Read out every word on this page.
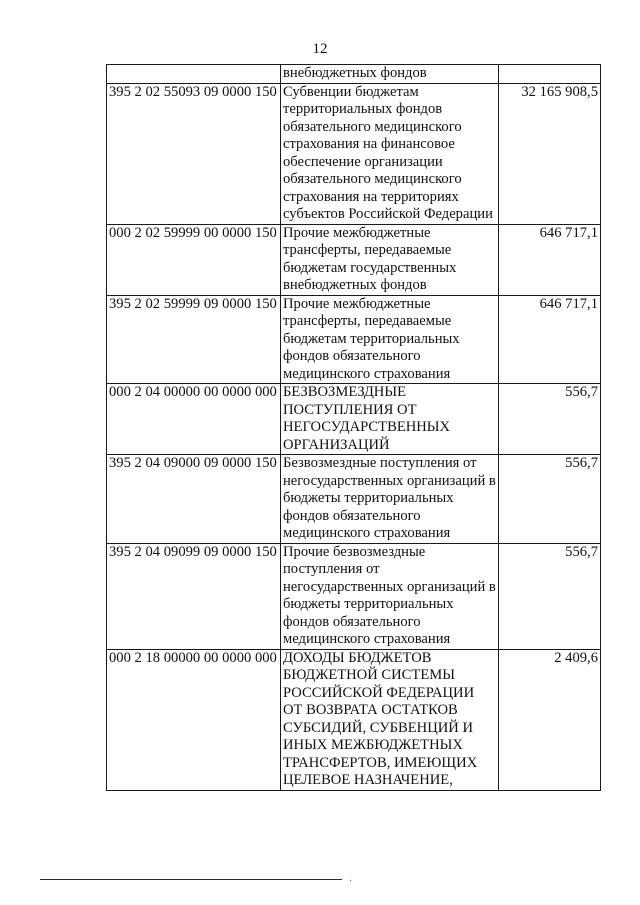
12
	внебюджетных фондов	
395 2 02 55093 09 0000 150	Субвенции бюджетам территориальных фондов обязательного медицинского страхования на финансовое обеспечение организации обязательного медицинского страхования на территориях субъектов Российской Федерации	32 165 908,5
000 2 02 59999 00 0000 150	Прочие межбюджетные трансферты, передаваемые бюджетам государственных внебюджетных фондов	646 717,1
395 2 02 59999 09 0000 150	Прочие межбюджетные трансферты, передаваемые бюджетам территориальных фондов обязательного медицинского страхования	646 717,1
000 2 04 00000 00 0000 000	БЕЗВОЗМЕЗДНЫЕ ПОСТУПЛЕНИЯ ОТ НЕГОСУДАРСТВЕННЫХ ОРГАНИЗАЦИЙ	556,7
395 2 04 09000 09 0000 150	Безвозмездные поступления от негосударственных организаций в бюджеты территориальных фондов обязательного медицинского страхования	556,7
395 2 04 09099 09 0000 150	Прочие безвозмездные поступления от негосударственных организаций в бюджеты территориальных фондов обязательного медицинского страхования	556,7
000 2 18 00000 00 0000 000	ДОХОДЫ БЮДЖЕТОВ БЮДЖЕТНОЙ СИСТЕМЫ РОССИЙСКОЙ ФЕДЕРАЦИИ ОТ ВОЗВРАТА ОСТАТКОВ СУБСИДИЙ, СУБВЕНЦИЙ И ИНЫХ МЕЖБЮДЖЕТНЫХ ТРАНСФЕРТОВ, ИМЕЮЩИХ ЦЕЛЕВОЕ НАЗНАЧЕНИЕ,	2 409,6
·
